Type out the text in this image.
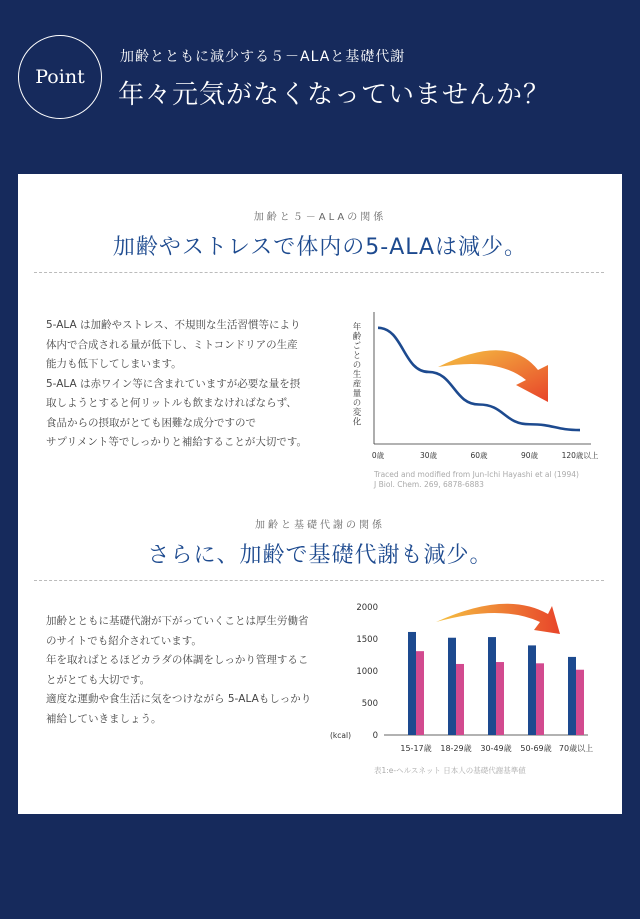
Point
加齢とともに減少する５－ALAと基礎代謝
年々元気がなくなっていませんか？
加齢と５－ALAの関係
加齢やストレスで体内の5-ALAは減少。
5-ALA は加齢やストレス、不規則な生活習慣等により
体内で合成される量が低下し、ミトコンドリアの生産
能力も低下してしまいます。
5-ALA は赤ワイン等に含まれていますが必要な量を摂
取しようとすると何リットルも飲まなければならず、
食品からの摂取がとても困難な成分ですので
サプリメント等でしっかりと補給することが大切です。
年齢ごとの生産量の変化
0歳	30歳	60歳	90歳	120歳以上
Traced and modified from Jun-Ichi Hayashi et al (1994)
J Biol. Chem. 269, 6878-6883
加齢と基礎代謝の関係
さらに、加齢で基礎代謝も減少。
加齢とともに基礎代謝が下がっていくことは厚生労働省
のサイトでも紹介されています。
年を取ればとるほどカラダの体調をしっかり管理するこ
とがとても大切です。
適度な運動や食生活に気をつけながら 5-ALAもしっかり
補給していきましょう。
(kcal)	0
500
1000
1500
2000
15-17歳 18-29歳 30-49歳 50-69歳 70歳以上
表1:e-ヘルスネット 日本人の基礎代謝基準値
